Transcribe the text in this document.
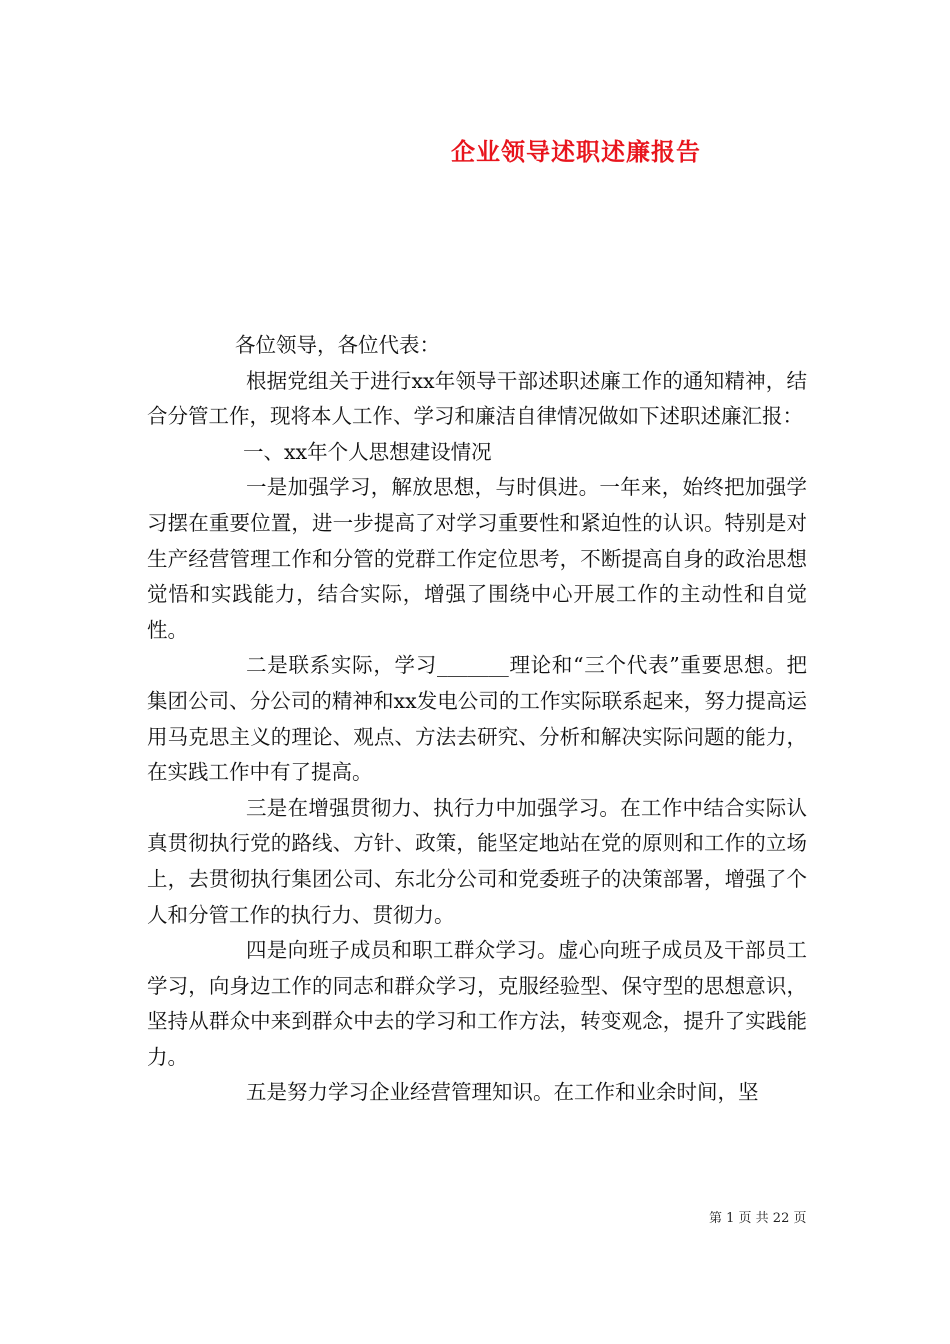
企业领导述职述廉报告

各位领导，各位代表：

根据党组关于进行xx年领导干部述职述廉工作的通知精神，结合分管工作，现将本人工作、学习和廉洁自律情况做如下述职述廉汇报：

一、xx年个人思想建设情况

一是加强学习，解放思想，与时俱进。一年来，始终把加强学习摆在重要位置，进一步提高了对学习重要性和紧迫性的认识。特别是对生产经营管理工作和分管的党群工作定位思考，不断提高自身的政治思想觉悟和实践能力，结合实际，增强了围绕中心开展工作的主动性和自觉性。

二是联系实际，学习_______理论和“三个代表”重要思想。把集团公司、分公司的精神和xx发电公司的工作实际联系起来，努力提高运用马克思主义的理论、观点、方法去研究、分析和解决实际问题的能力，在实践工作中有了提高。

三是在增强贯彻力、执行力中加强学习。在工作中结合实际认真贯彻执行党的路线、方针、政策，能坚定地站在党的原则和工作的立场上，去贯彻执行集团公司、东北分公司和党委班子的决策部署，增强了个人和分管工作的执行力、贯彻力。

四是向班子成员和职工群众学习。虚心向班子成员及干部员工学习，向身边工作的同志和群众学习，克服经验型、保守型的思想意识，坚持从群众中来到群众中去的学习和工作方法，转变观念，提升了实践能力。

五是努力学习企业经营管理知识。在工作和业余时间，坚

第 1 页 共 22 页
